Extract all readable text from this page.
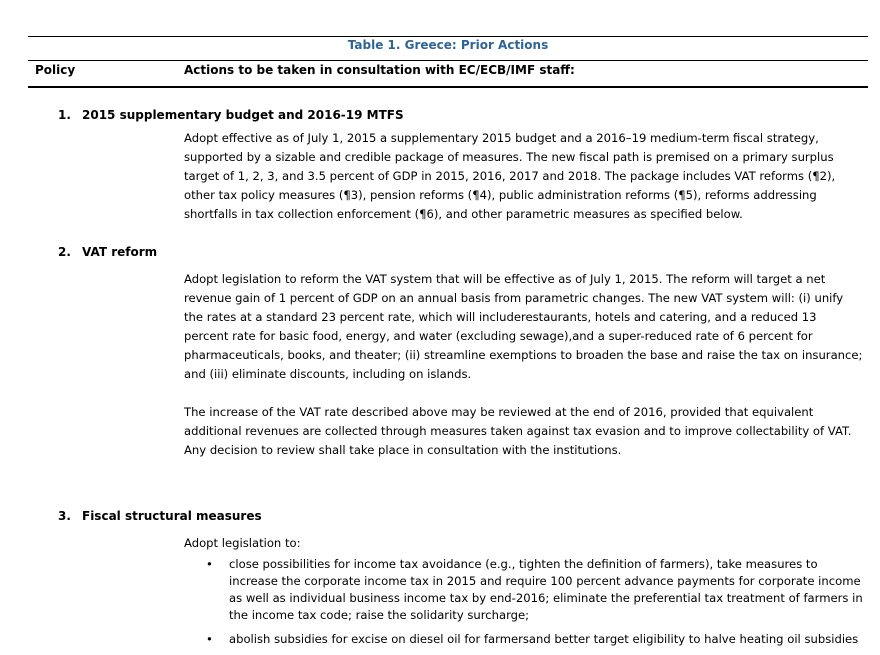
Table 1. Greece: Prior Actions
Policy	Actions to be taken in consultation with EC/ECB/IMF staff:
1. 2015 supplementary budget and 2016-19 MTFS

Adopt effective as of July 1, 2015 a supplementary 2015 budget and a 2016–19 medium-term fiscal strategy, supported by a sizable and credible package of measures. The new fiscal path is premised on a primary surplus target of 1, 2, 3, and 3.5 percent of GDP in 2015, 2016, 2017 and 2018. The package includes VAT reforms (¶2), other tax policy measures (¶3), pension reforms (¶4), public administration reforms (¶5), reforms addressing shortfalls in tax collection enforcement (¶6), and other parametric measures as specified below.

2. VAT reform

Adopt legislation to reform the VAT system that will be effective as of July 1, 2015. The reform will target a net revenue gain of 1 percent of GDP on an annual basis from parametric changes. The new VAT system will: (i) unify the rates at a standard 23 percent rate, which will includerestaurants, hotels and catering, and a reduced 13 percent rate for basic food, energy, and water (excluding sewage),and a super-reduced rate of 6 percent for pharmaceuticals, books, and theater; (ii) streamline exemptions to broaden the base and raise the tax on insurance; and (iii) eliminate discounts, including on islands.

The increase of the VAT rate described above may be reviewed at the end of 2016, provided that equivalent additional revenues are collected through measures taken against tax evasion and to improve collectability of VAT. Any decision to review shall take place in consultation with the institutions.

3. Fiscal structural measures

Adopt legislation to:

• close possibilities for income tax avoidance (e.g., tighten the definition of farmers), take measures to increase the corporate income tax in 2015 and require 100 percent advance payments for corporate income as well as individual business income tax by end-2016; eliminate the preferential tax treatment of farmers in the income tax code; raise the solidarity surcharge;
• abolish subsidies for excise on diesel oil for farmersand better target eligibility to halve heating oil subsidies
